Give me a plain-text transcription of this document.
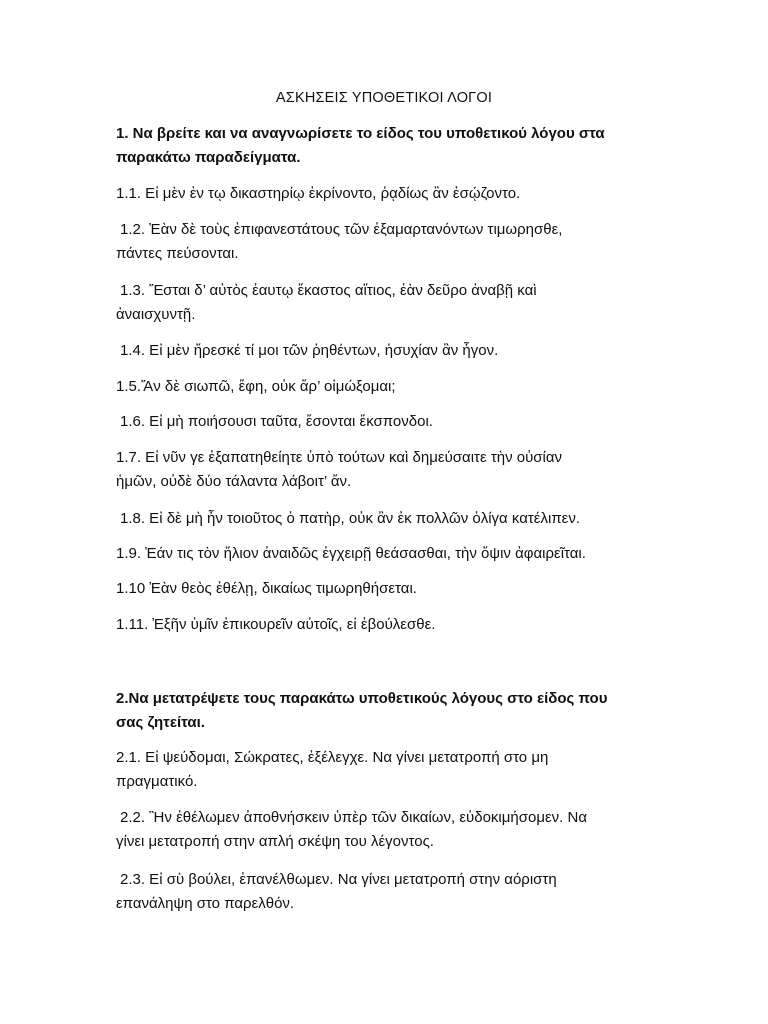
ΑΣΚΗΣΕΙΣ ΥΠΟΘΕΤΙΚΟΙ ΛΟΓΟΙ
1. Να βρείτε και να αναγνωρίσετε το είδος του υποθετικού λόγου στα
παρακάτω παραδείγματα.
1.1. Εἰ μὲν ἐν τῳ δικαστηρίῳ ἐκρίνοντο, ῥᾳδίως ἂν ἐσῴζοντο.
1.2. Ἐὰν δὲ τοὺς ἐπιφανεστάτους τῶν ἐξαμαρτανόντων τιμωρησθε,
πάντες πεύσονται.
1.3. Ἔσται δ’ αὐτὸς ἑαυτῳ ἕκαστος αἴτιος, ἐὰν δεῦρο ἀναβῇ καὶ
ἀναισχυντῇ.
1.4. Εἰ μὲν ἤρεσκέ τί μοι τῶν ῥηθέντων, ἡσυχίαν ἂν ἦγον.
1.5.Ἄν δὲ σιωπῶ, ἔφη, οὐκ ἄρ’ οἰμώξομαι;
1.6. Εἰ μὴ ποιήσουσι ταῦτα, ἔσονται ἔκσπονδοι.
1.7. Εἰ νῦν γε ἐξαπατηθείητε ὑπὸ τούτων καὶ δημεύσαιτε τὴν οὐσίαν
ἡμῶν, οὐδὲ δύο τάλαντα λάβοιτ’ ἄν.
1.8. Εἰ δὲ μὴ ἦν τοιοῦτος ὁ πατὴρ, οὐκ ἂν ἐκ πολλῶν ὀλίγα κατέλιπεν.
1.9. Ἐάν τις τὸν ἥλιον ἀναιδῶς ἐγχειρῇ θεάσασθαι, τὴν ὄψιν ἀφαιρεῖται.
1.10 Ἐὰν θεὸς ἐθέλῃ, δικαίως τιμωρηθήσεται.
1.11. Ἐξῆν ὑμῖν ἐπικουρεῖν αὐτοῖς, εἰ ἐβούλεσθε.
2.Να μετατρέψετε τους παρακάτω υποθετικούς λόγους στο είδος που
σας ζητείται.
2.1. Εἰ ψεύδομαι, Σώκρατες, ἐξέλεγχε. Να γίνει μετατροπή στο μη
πραγματικό.
2.2. Ἢν ἐθέλωμεν ἀποθνήσκειν ὑπὲρ τῶν δικαίων, εὐδοκιμήσομεν. Να
γίνει μετατροπή στην απλή σκέψη του λέγοντος.
2.3. Εἰ σὺ βούλει, ἐπανέλθωμεν. Να γίνει μετατροπή στην αόριστη
επανάληψη στο παρελθόν.
